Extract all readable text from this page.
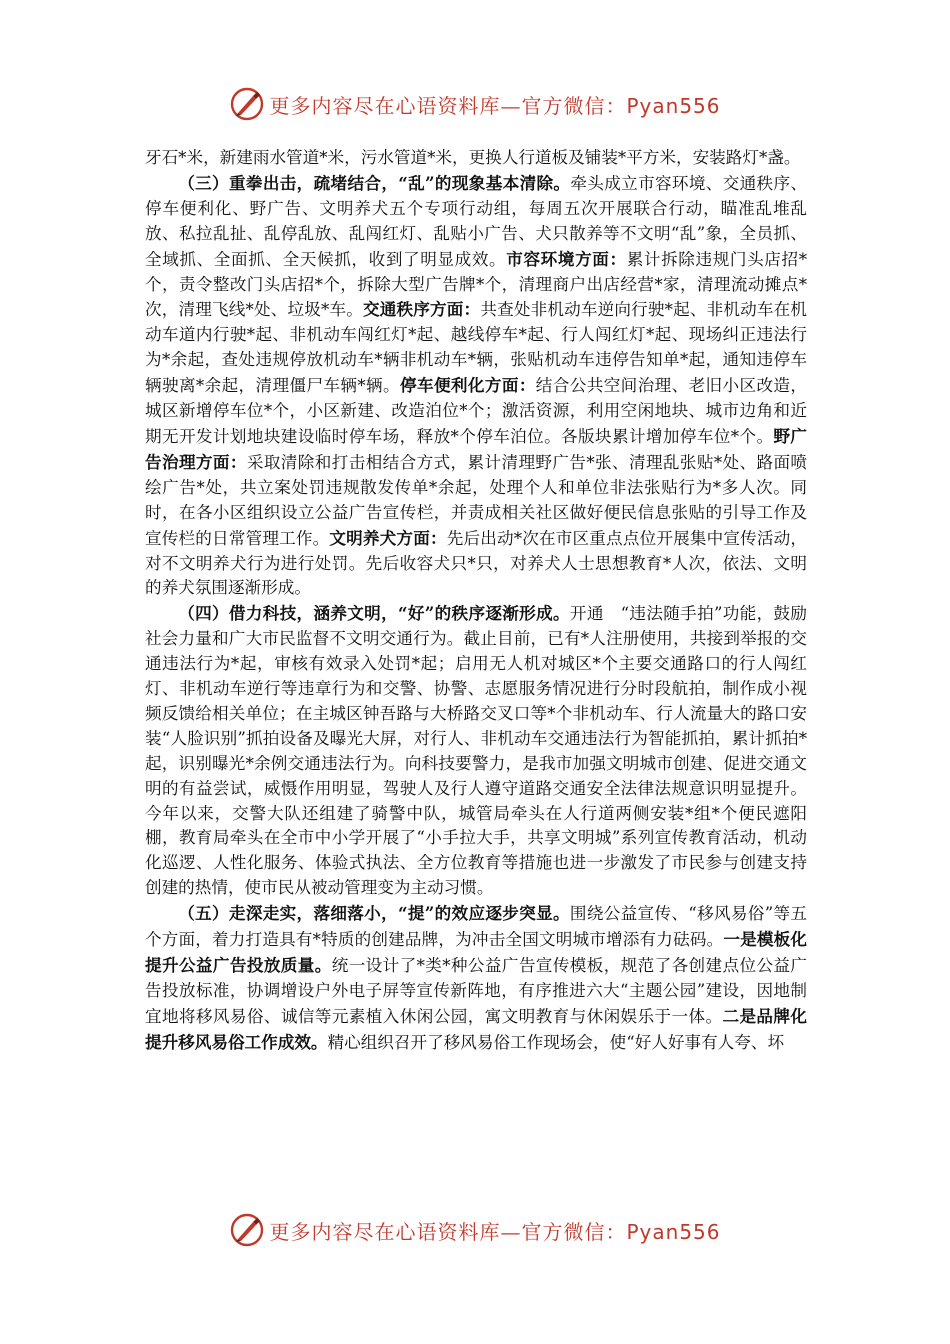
更多内容尽在心语资料库—官方微信：Pyan556

牙石*米，新建雨水管道*米，污水管道*米，更换人行道板及铺装*平方米，安装路灯*盏。

（三）重拳出击，疏堵结合，“乱”的现象基本清除。牵头成立市容环境、交通秩序、停车便利化、野广告、文明养犬五个专项行动组，每周五次开展联合行动，瞄准乱堆乱放、私拉乱扯、乱停乱放、乱闯红灯、乱贴小广告、犬只散养等不文明“乱”象，全员抓、全域抓、全面抓、全天候抓，收到了明显成效。市容环境方面：累计拆除违规门头店招*个，责令整改门头店招*个，拆除大型广告牌*个，清理商户出店经营*家，清理流动摊点*次，清理飞线*处、垃圾*车。交通秩序方面：共查处非机动车逆向行驶*起、非机动车在机动车道内行驶*起、非机动车闯红灯*起、越线停车*起、行人闯红灯*起、现场纠正违法行为*余起，查处违规停放机动车*辆非机动车*辆，张贴机动车违停告知单*起，通知违停车辆驶离*余起，清理僵尸车辆*辆。停车便利化方面：结合公共空间治理、老旧小区改造，城区新增停车位*个，小区新建、改造泊位*个；激活资源，利用空闲地块、城市边角和近期无开发计划地块建设临时停车场，释放*个停车泊位。各版块累计增加停车位*个。野广告治理方面：采取清除和打击相结合方式，累计清理野广告*张、清理乱张贴*处、路面喷绘广告*处，共立案处罚违规散发传单*余起，处理个人和单位非法张贴行为*多人次。同时，在各小区组织设立公益广告宣传栏，并责成相关社区做好便民信息张贴的引导工作及宣传栏的日常管理工作。文明养犬方面：先后出动*次在市区重点点位开展集中宣传活动，对不文明养犬行为进行处罚。先后收容犬只*只，对养犬人士思想教育*人次，依法、文明的养犬氛围逐渐形成。

（四）借力科技，涵养文明，“好”的秩序逐渐形成。开通　“违法随手拍”功能，鼓励社会力量和广大市民监督不文明交通行为。截止目前，已有*人注册使用，共接到举报的交通违法行为*起，审核有效录入处罚*起；启用无人机对城区*个主要交通路口的行人闯红灯、非机动车逆行等违章行为和交警、协警、志愿服务情况进行分时段航拍，制作成小视频反馈给相关单位；在主城区钟吾路与大桥路交叉口等*个非机动车、行人流量大的路口安装“人脸识别”抓拍设备及曝光大屏，对行人、非机动车交通违法行为智能抓拍，累计抓拍*起，识别曝光*余例交通违法行为。向科技要警力，是我市加强文明城市创建、促进交通文明的有益尝试，威慑作用明显，驾驶人及行人遵守道路交通安全法律法规意识明显提升。今年以来，交警大队还组建了骑警中队，城管局牵头在人行道两侧安装*组*个便民遮阳棚，教育局牵头在全市中小学开展了“小手拉大手，共享文明城”系列宣传教育活动，机动化巡逻、人性化服务、体验式执法、全方位教育等措施也进一步激发了市民参与创建支持创建的热情，使市民从被动管理变为主动习惯。

（五）走深走实，落细落小，“提”的效应逐步突显。围绕公益宣传、“移风易俗”等五个方面，着力打造具有*特质的创建品牌，为冲击全国文明城市增添有力砝码。一是模板化提升公益广告投放质量。统一设计了*类*种公益广告宣传模板，规范了各创建点位公益广告投放标准，协调增设户外电子屏等宣传新阵地，有序推进六大“主题公园”建设，因地制宜地将移风易俗、诚信等元素植入休闲公园，寓文明教育与休闲娱乐于一体。二是品牌化提升移风易俗工作成效。精心组织召开了移风易俗工作现场会，使“好人好事有人夸、坏

更多内容尽在心语资料库—官方微信：Pyan556
